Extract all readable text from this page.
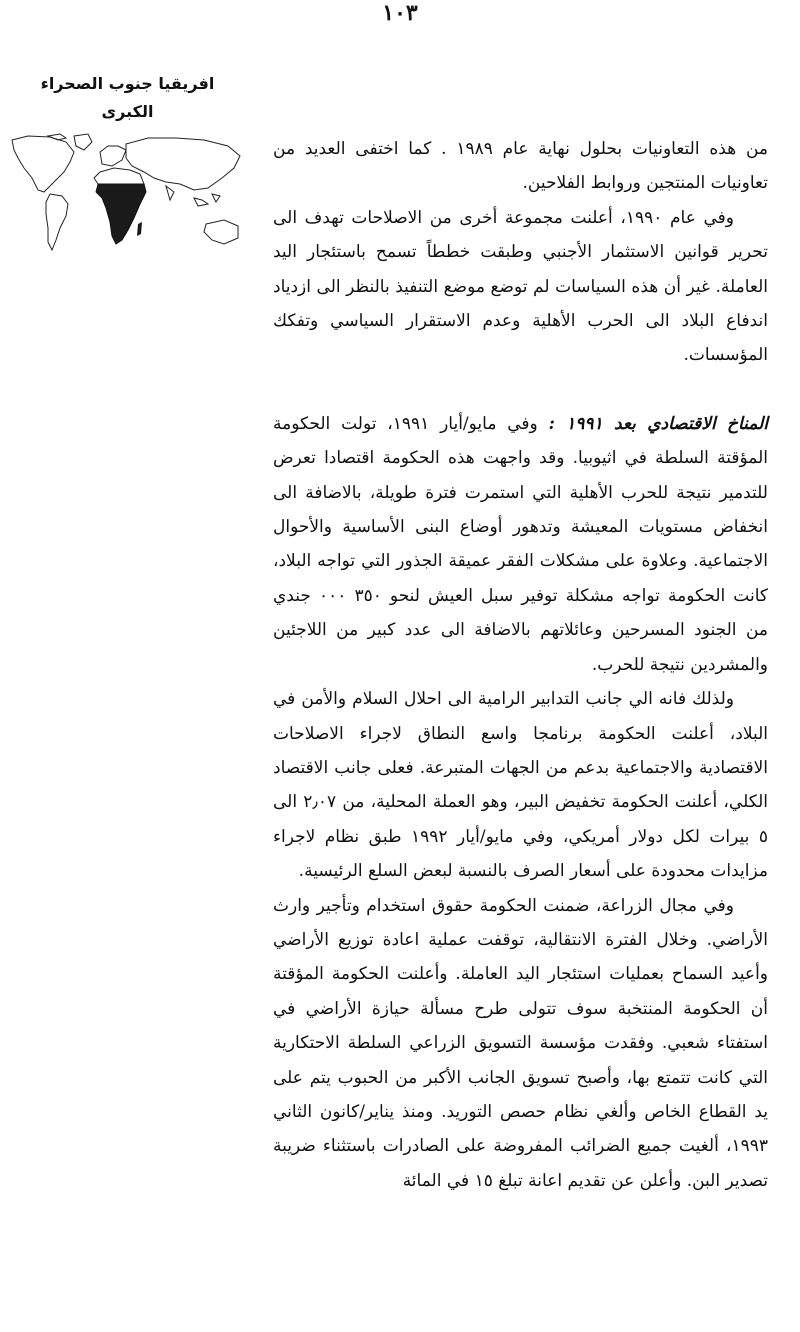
١٠٣
افريقيا جنوب الصحراء
الكبرى

من هذه التعاونيات بحلول نهاية عام ١٩٨٩ . كما اختفى العديد من تعاونيات المنتجين وروابط الفلاحين.

وفي عام ١٩٩٠، أعلنت مجموعة أخرى من الاصلاحات تهدف الى تحرير قوانين الاستثمار الأجنبي وطبقت خططاً تسمح باستئجار اليد العاملة. غير أن هذه السياسات لم توضع موضع التنفيذ بالنظر الى ازدياد اندفاع البلاد الى الحرب الأهلية وعدم الاستقرار السياسي وتفكك المؤسسات.

المناخ الاقتصادي بعد ١٩٩١ : وفي مايو/أيار ١٩٩١، تولت الحكومة المؤقتة السلطة في اثيوبيا. وقد واجهت هذه الحكومة اقتصادا تعرض للتدمير نتيجة للحرب الأهلية التي استمرت فترة طويلة، بالاضافة الى انخفاض مستويات المعيشة وتدهور أوضاع البنى الأساسية والأحوال الاجتماعية. وعلاوة على مشكلات الفقر عميقة الجذور التي تواجه البلاد، كانت الحكومة تواجه مشكلة توفير سبل العيش لنحو ٣٥٠ ٠٠٠ جندي من الجنود المسرحين وعائلاتهم بالاضافة الى عدد كبير من اللاجئين والمشردين نتيجة للحرب.

ولذلك فانه الي جانب التدابير الرامية الى احلال السلام والأمن في البلاد، أعلنت الحكومة برنامجا واسع النطاق لاجراء الاصلاحات الاقتصادية والاجتماعية بدعم من الجهات المتبرعة. فعلى جانب الاقتصاد الكلي، أعلنت الحكومة تخفيض البير، وهو العملة المحلية، من ٢٫٠٧ الى ٥ بيرات لكل دولار أمريكي، وفي مايو/أيار ١٩٩٢ طبق نظام لاجراء مزايدات محدودة على أسعار الصرف بالنسبة لبعض السلع الرئيسية.

وفي مجال الزراعة، ضمنت الحكومة حقوق استخدام وتأجير وارث الأراضي. وخلال الفترة الانتقالية، توقفت عملية اعادة توزيع الأراضي وأعيد السماح بعمليات استئجار اليد العاملة. وأعلنت الحكومة المؤقتة أن الحكومة المنتخبة سوف تتولى طرح مسألة حيازة الأراضي في استفتاء شعبي. وفقدت مؤسسة التسويق الزراعي السلطة الاحتكارية التي كانت تتمتع بها، وأصبح تسويق الجانب الأكبر من الحبوب يتم على يد القطاع الخاص وألغي نظام حصص التوريد. ومنذ يناير/كانون الثاني ١٩٩٣، ألغيت جميع الضرائب المفروضة على الصادرات باستثناء ضريبة تصدير البن. وأعلن عن تقديم اعانة تبلغ ١٥ في المائة
